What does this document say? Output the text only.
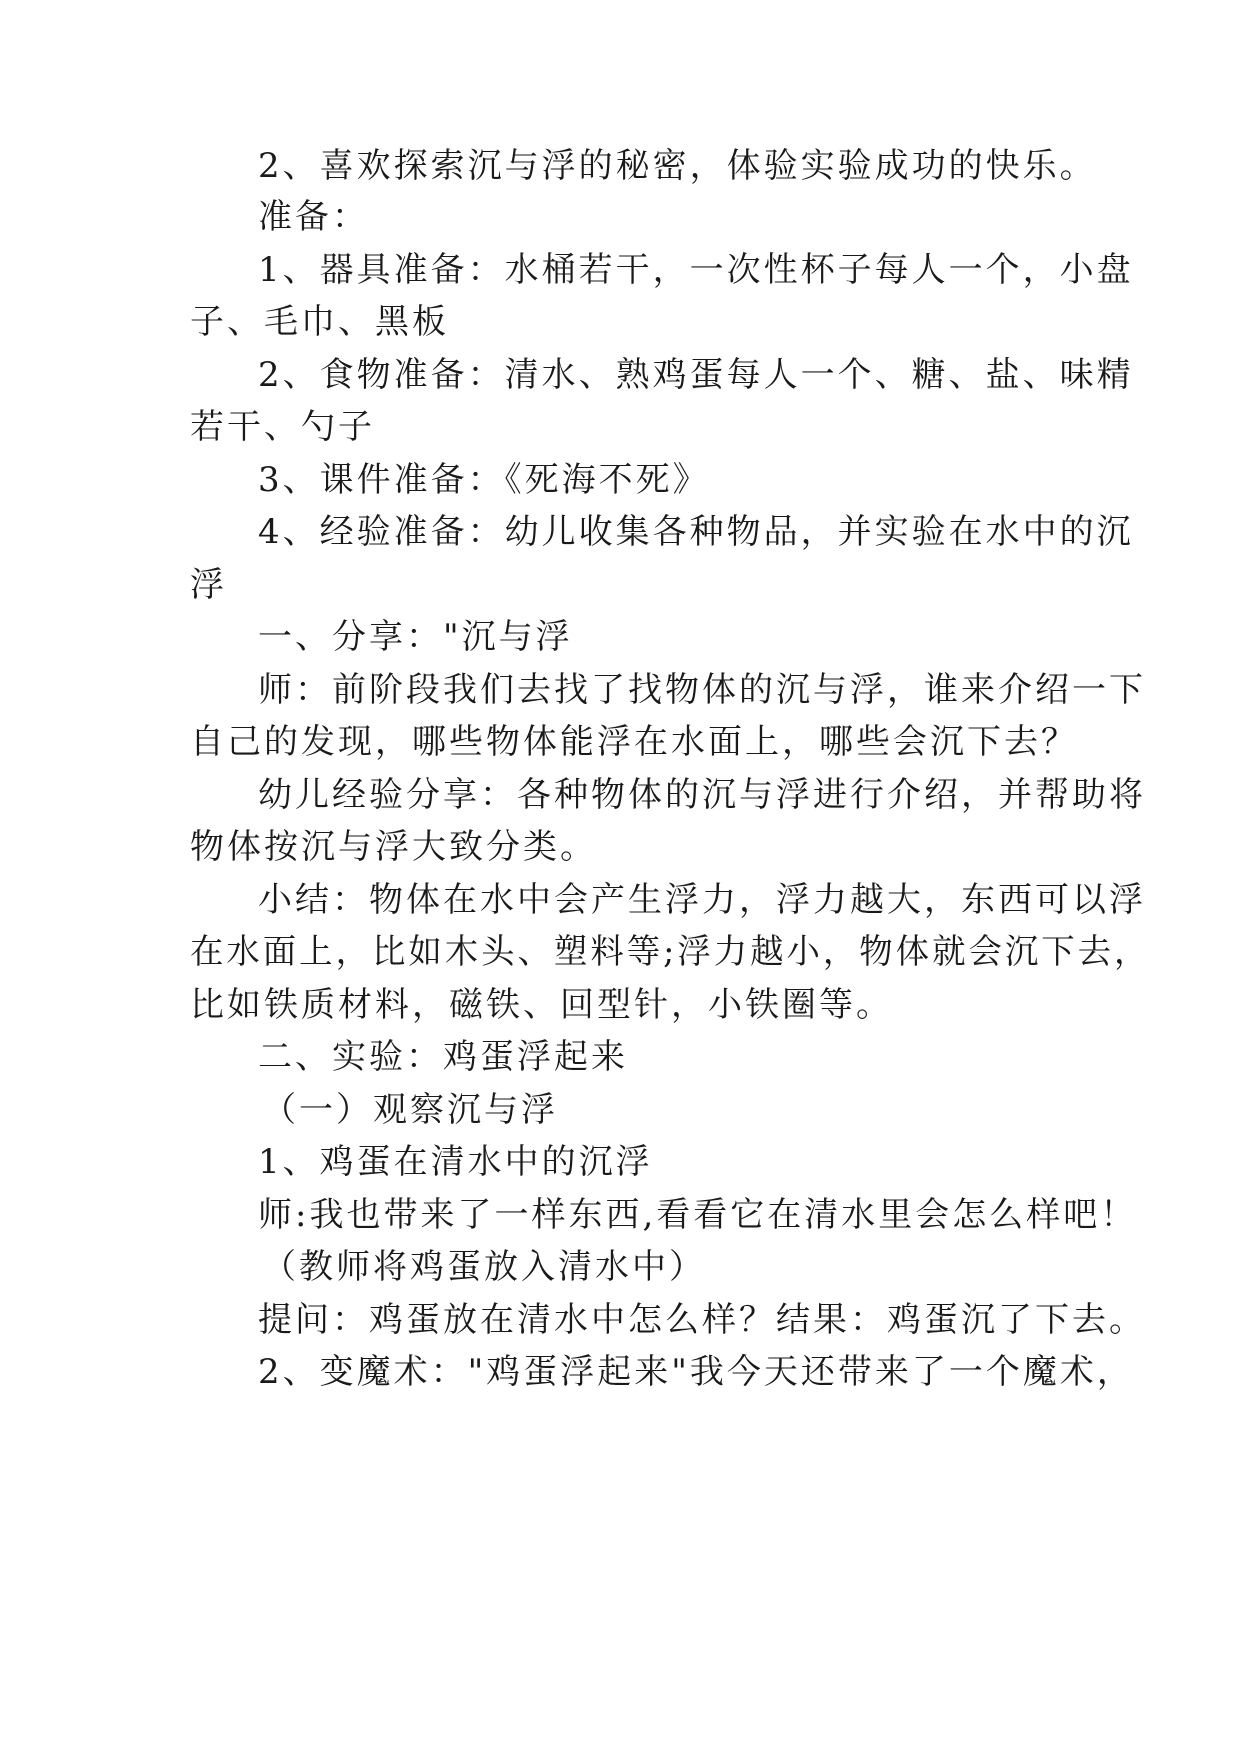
2、喜欢探索沉与浮的秘密，体验实验成功的快乐。
准备：
1、器具准备：水桶若干，一次性杯子每人一个，小盘
子、毛巾、黑板
2、食物准备：清水、熟鸡蛋每人一个、糖、盐、味精
若干、勺子
3、课件准备：《死海不死》
4、经验准备：幼儿收集各种物品，并实验在水中的沉
浮
一、分享："沉与浮
师：前阶段我们去找了找物体的沉与浮，谁来介绍一下
自己的发现，哪些物体能浮在水面上，哪些会沉下去？
幼儿经验分享：各种物体的沉与浮进行介绍，并帮助将
物体按沉与浮大致分类。
小结：物体在水中会产生浮力，浮力越大，东西可以浮
在水面上，比如木头、塑料等;浮力越小，物体就会沉下去，
比如铁质材料，磁铁、回型针，小铁圈等。
二、实验：鸡蛋浮起来
（一）观察沉与浮
1、鸡蛋在清水中的沉浮
师:我也带来了一样东西,看看它在清水里会怎么样吧！
（教师将鸡蛋放入清水中）
提问：鸡蛋放在清水中怎么样？结果：鸡蛋沉了下去。
2、变魔术："鸡蛋浮起来"我今天还带来了一个魔术，
